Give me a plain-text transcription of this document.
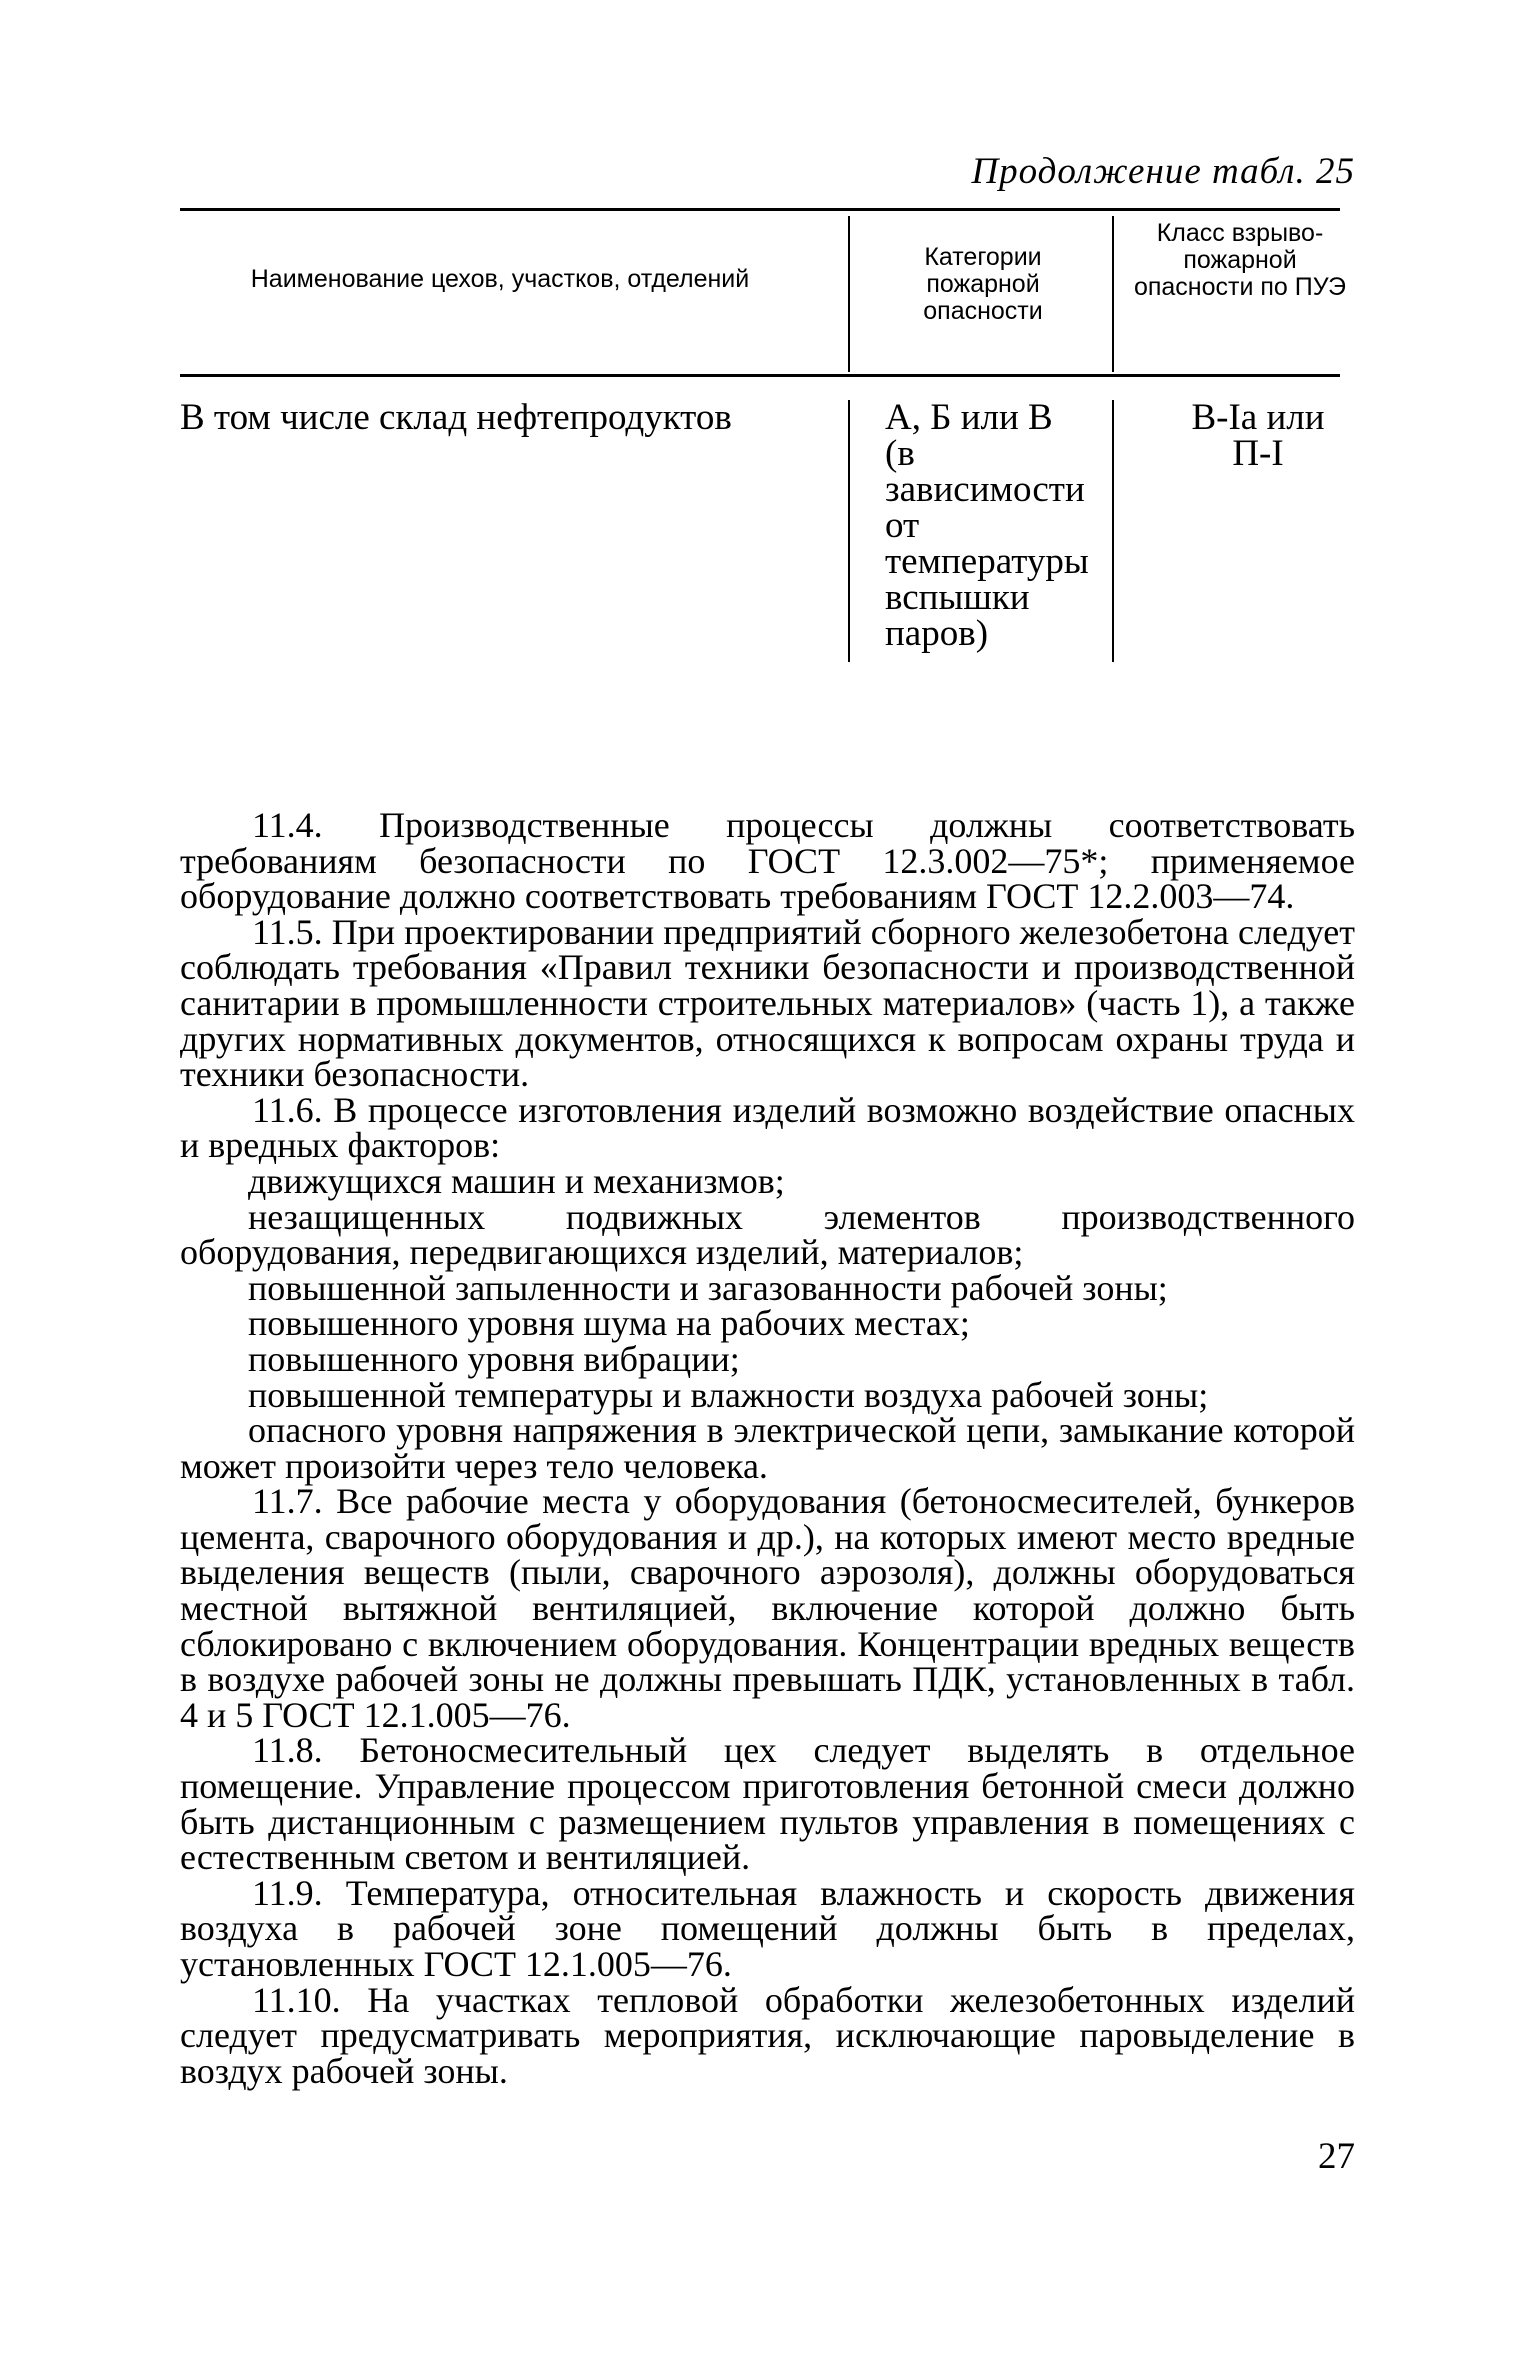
Продолжение табл. 25
Наименование цехов, участков, отделений
Категории пожарной опасности
Класс взрыво-пожарной опасности по ПУЭ
В том числе склад нефтепродуктов	А, Б или В (в зависимости от температуры вспышки паров)
В-Iа или П-I

11.4. Производственные процессы должны соответствовать требованиям безопасности по ГОСТ 12.3.002—75*; применяемое оборудование должно соответствовать требованиям ГОСТ 12.2.003—74.

11.5. При проектировании предприятий сборного железобетона следует соблюдать требования «Правил техники безопасности и производственной санитарии в промышленности строительных материалов» (часть 1), а также других нормативных документов, относящихся к вопросам охраны труда и техники безопасности.

11.6. В процессе изготовления изделий возможно воздействие опасных и вредных факторов:

движущихся машин и механизмов;

незащищенных подвижных элементов производственного оборудования, передвигающихся изделий, материалов;

повышенной запыленности и загазованности рабочей зоны;

повышенного уровня шума на рабочих местах;

повышенного уровня вибрации;

повышенной температуры и влажности воздуха рабочей зоны;

опасного уровня напряжения в электрической цепи, замыкание которой может произойти через тело человека.

11.7. Все рабочие места у оборудования (бетоносмесителей, бункеров цемента, сварочного оборудования и др.), на которых имеют место вредные выделения веществ (пыли, сварочного аэрозоля), должны оборудоваться местной вытяжной вентиляцией, включение которой должно быть сблокировано с включением оборудования. Концентрации вредных веществ в воздухе рабочей зоны не должны превышать ПДК, установленных в табл. 4 и 5 ГОСТ 12.1.005—76.

11.8. Бетоносмесительный цех следует выделять в отдельное помещение. Управление процессом приготовления бетонной смеси должно быть дистанционным с размещением пультов управления в помещениях с естественным светом и вентиляцией.

11.9. Температура, относительная влажность и скорость движения воздуха в рабочей зоне помещений должны быть в пределах, установленных ГОСТ 12.1.005—76.

11.10. На участках тепловой обработки железобетонных изделий следует предусматривать мероприятия, исключающие паровыделение в воздух рабочей зоны.

27
